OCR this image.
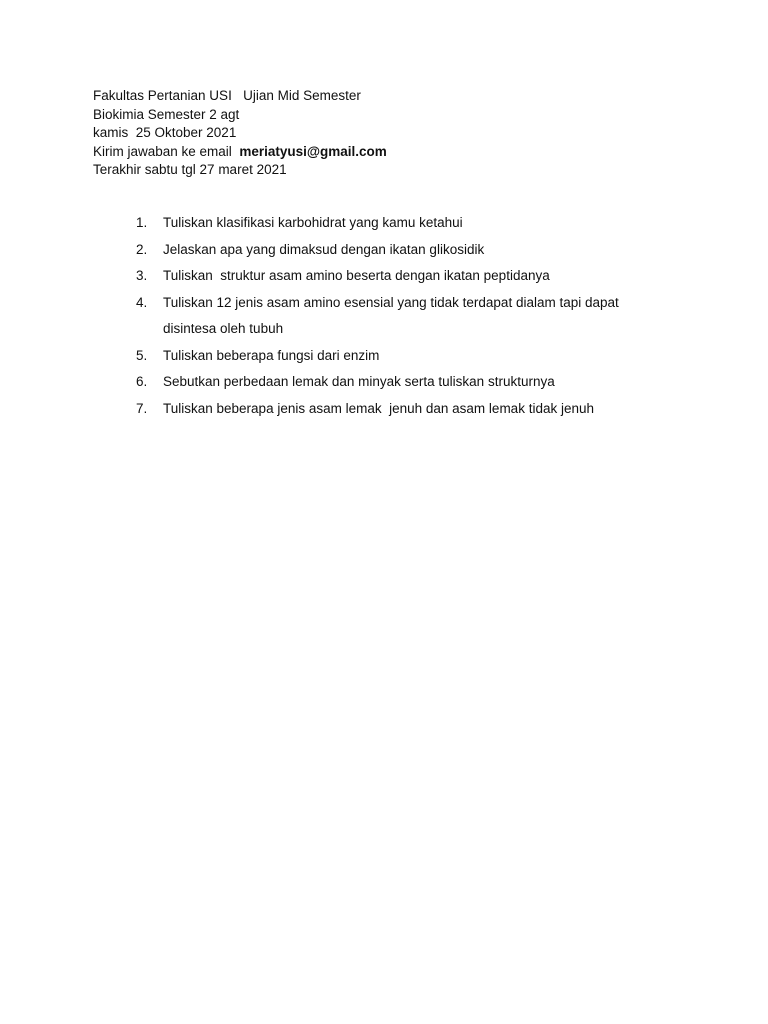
Fakultas Pertanian USI   Ujian Mid Semester
Biokimia Semester 2 agt
kamis  25 Oktober 2021
Kirim jawaban ke email  meriatyusi@gmail.com
Terakhir sabtu tgl 27 maret 2021
1.	Tuliskan klasifikasi karbohidrat yang kamu ketahui
2.	Jelaskan apa yang dimaksud dengan ikatan glikosidik
3.	Tuliskan  struktur asam amino beserta dengan ikatan peptidanya
4.	Tuliskan 12 jenis asam amino esensial yang tidak terdapat dialam tapi dapat disintesa oleh tubuh
5.	Tuliskan beberapa fungsi dari enzim
6.	Sebutkan perbedaan lemak dan minyak serta tuliskan strukturnya
7.	Tuliskan beberapa jenis asam lemak  jenuh dan asam lemak tidak jenuh
